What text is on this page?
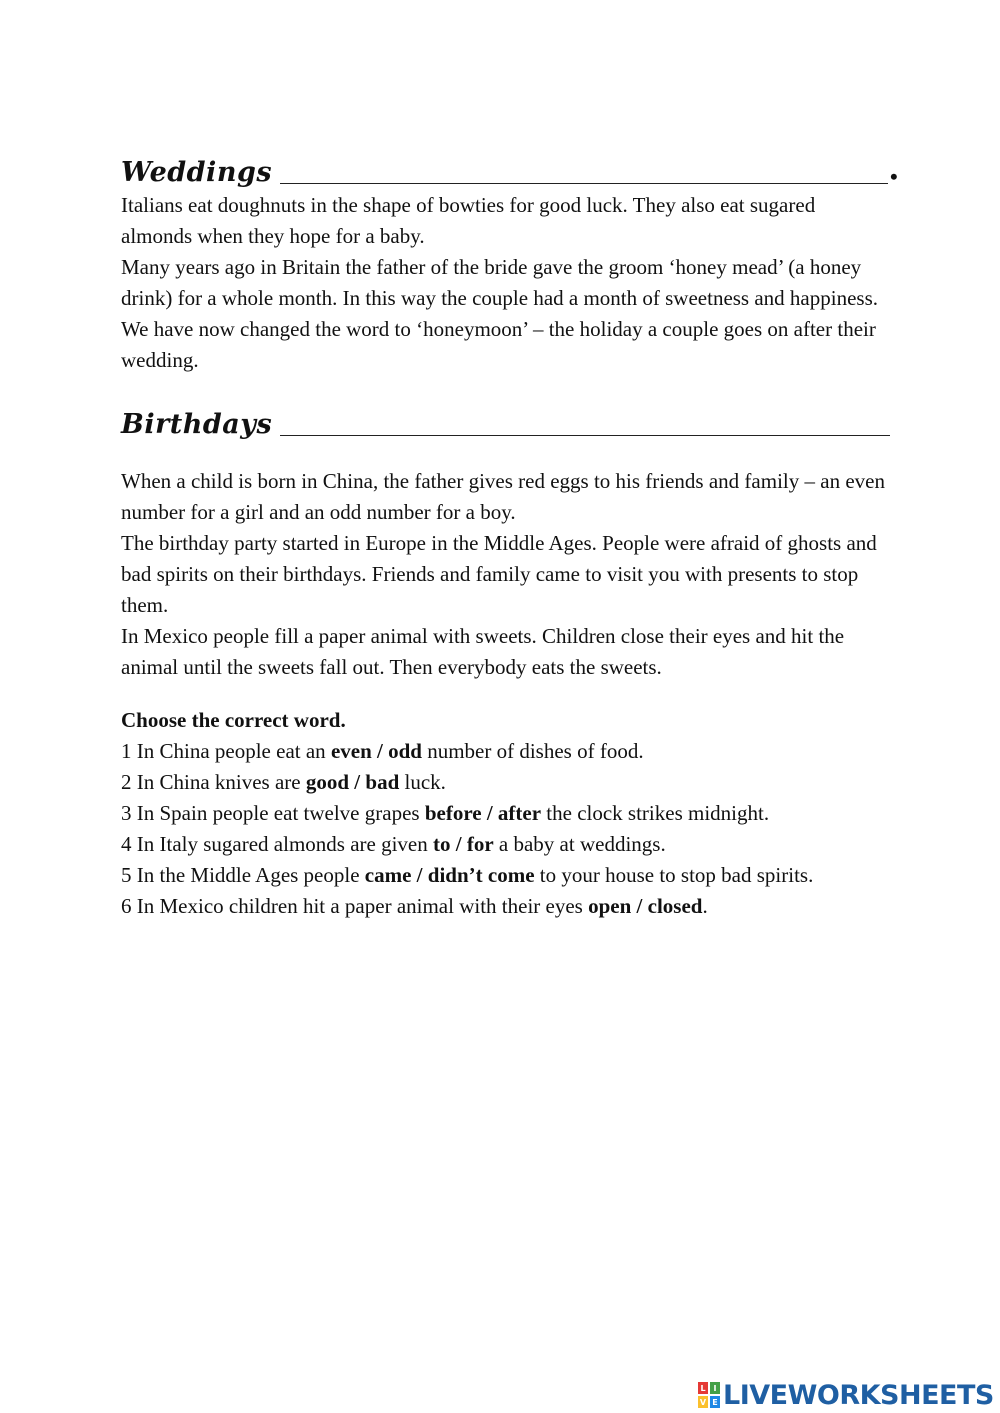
Weddings	•

Italians eat doughnuts in the shape of bowties for good luck. They also eat sugared almonds when they hope for a baby.

Many years ago in Britain the father of the bride gave the groom ‘honey mead’ (a honey drink) for a whole month. In this way the couple had a month of sweetness and happiness. We have now changed the word to ‘honeymoon’ – the holiday a couple goes on after their wedding.

Birthdays

When a child is born in China, the father gives red eggs to his friends and family – an even number for a girl and an odd number for a boy.

The birthday party started in Europe in the Middle Ages. People were afraid of ghosts and bad spirits on their birthdays. Friends and family came to visit you with presents to stop them.

In Mexico people fill a paper animal with sweets. Children close their eyes and hit the animal until the sweets fall out. Then everybody eats the sweets.

Choose the correct word.

1 In China people eat an even / odd number of dishes of food.

2 In China knives are good / bad luck.

3 In Spain people eat twelve grapes before / after the clock strikes midnight.

4 In Italy sugared almonds are given to / for a baby at weddings.

5 In the Middle Ages people came / didn’t come to your house to stop bad spirits.

6 In Mexico children hit a paper animal with their eyes open / closed.

L I
V E LIVEWORKSHEETS
